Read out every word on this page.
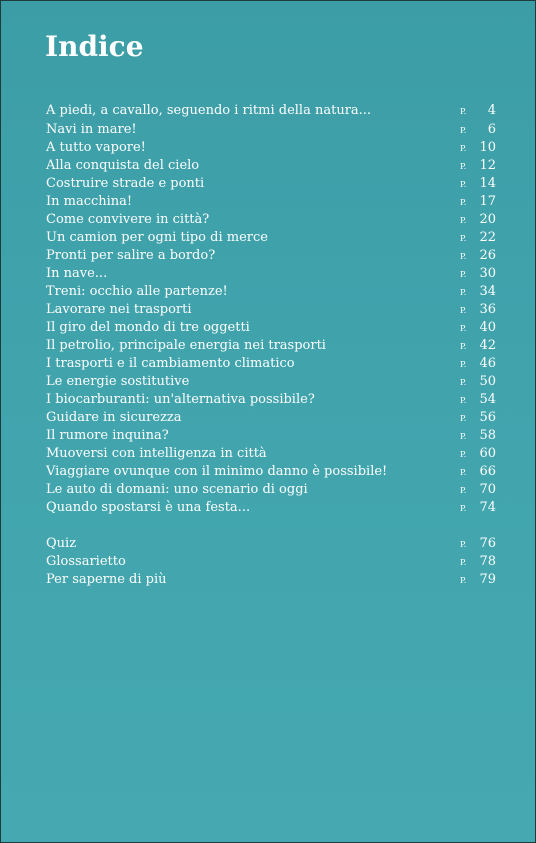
Indice
A piedi, a cavallo, seguendo i ritmi della natura...	P. 4
Navi in mare!	P. 6
A tutto vapore!	P. 10
Alla conquista del cielo	P. 12
Costruire strade e ponti	P. 14
In macchina!	P. 17
Come convivere in città?	P. 20
Un camion per ogni tipo di merce	P. 22
Pronti per salire a bordo?	P. 26
In nave...	P. 30
Treni: occhio alle partenze!	P. 34
Lavorare nei trasporti	P. 36
Il giro del mondo di tre oggetti	P. 40
Il petrolio, principale energia nei trasporti	P. 42
I trasporti e il cambiamento climatico	P. 46
Le energie sostitutive	P. 50
I biocarburanti: un'alternativa possibile?	P. 54
Guidare in sicurezza	P. 56
Il rumore inquina?	P. 58
Muoversi con intelligenza in città	P. 60
Viaggiare ovunque con il minimo danno è possibile!	P. 66
Le auto di domani: uno scenario di oggi	P. 70
Quando spostarsi è una festa...	P. 74
Quiz	P. 76
Glossarietto	P. 78
Per saperne di più	P. 79
